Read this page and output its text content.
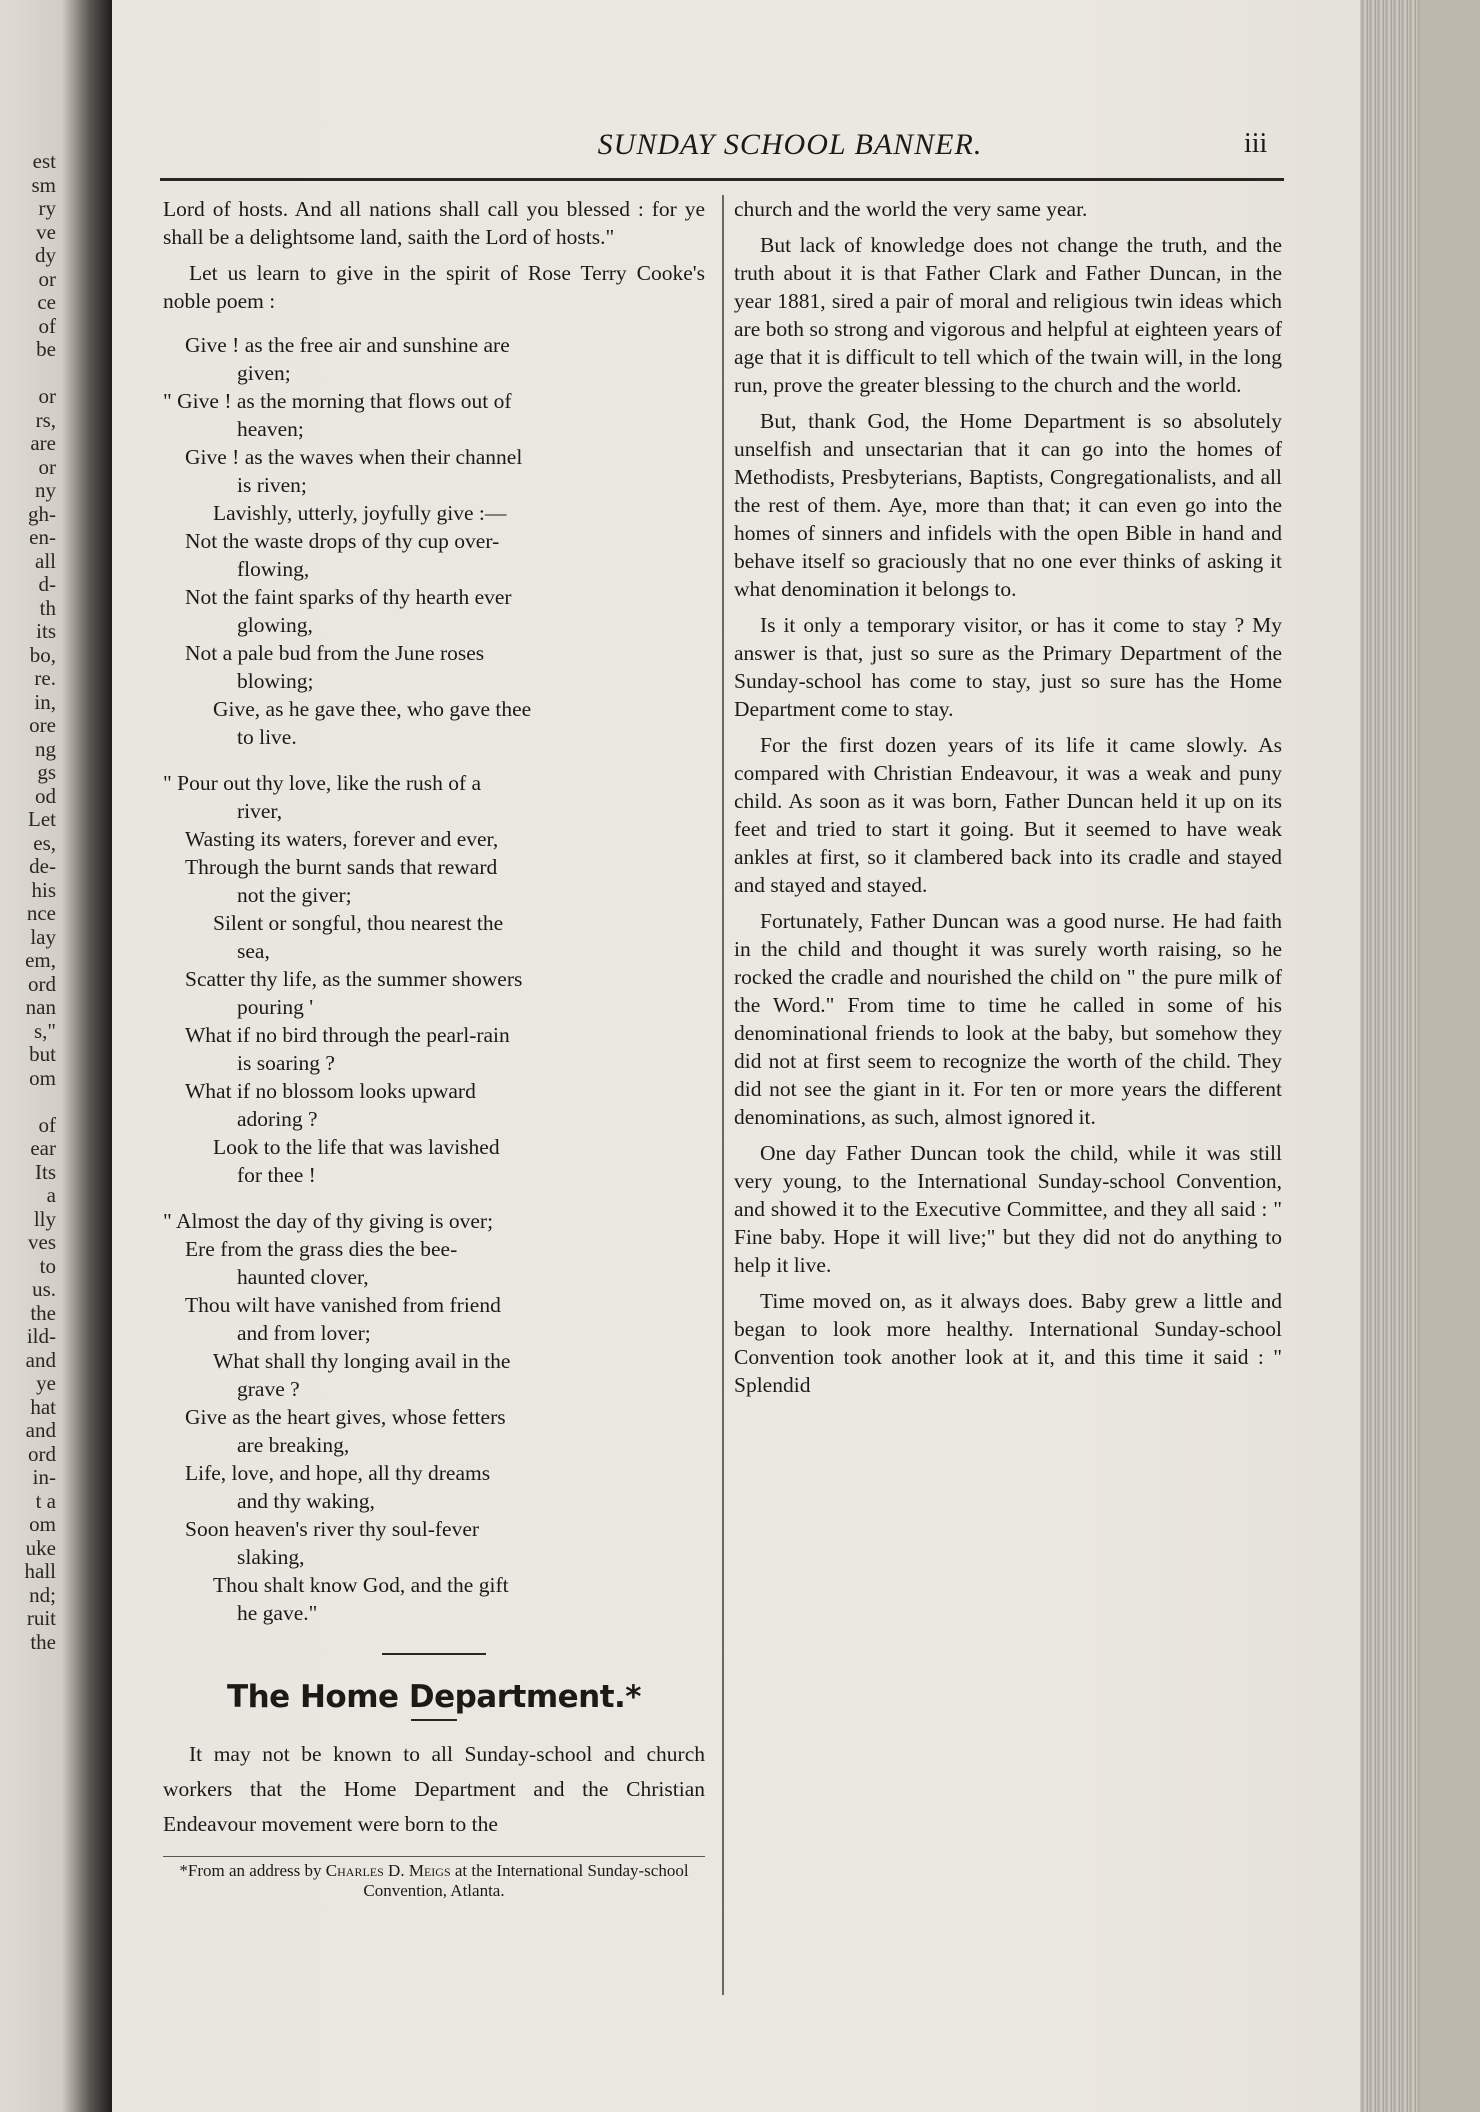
est
sm
ry
ve
dy
or
ce
of
be

or
rs,
are
or
ny
gh-
en-
all
d-
th
its
bo,
re.
in,
ore
ng
gs
od
Let
es,
de-
his
nce
lay
em,
ord
nan
s,"
but
om

of
ear
Its
a
lly
ves
to
us.
the
ild-
and
ye
hat
and
ord
in-
t a
om
uke
hall
nd;
ruit
the
SUNDAY SCHOOL BANNER.	iii

Lord of hosts. And all nations shall call you blessed : for ye shall be a delightsome land, saith the Lord of hosts."

Let us learn to give in the spirit of Rose Terry Cooke's noble poem :

Give ! as the free air and sunshine are
given;
" Give ! as the morning that flows out of
heaven;
Give ! as the waves when their channel
is riven;
Lavishly, utterly, joyfully give :—
Not the waste drops of thy cup over-
flowing,
Not the faint sparks of thy hearth ever
glowing,
Not a pale bud from the June roses
blowing;
Give, as he gave thee, who gave thee
to live.
" Pour out thy love, like the rush of a
river,
Wasting its waters, forever and ever,
Through the burnt sands that reward
not the giver;
Silent or songful, thou nearest the
sea,
Scatter thy life, as the summer showers
pouring '
What if no bird through the pearl-rain
is soaring ?
What if no blossom looks upward
adoring ?
Look to the life that was lavished
for thee !
" Almost the day of thy giving is over;
Ere from the grass dies the bee-
haunted clover,
Thou wilt have vanished from friend
and from lover;
What shall thy longing avail in the
grave ?
Give as the heart gives, whose fetters
are breaking,
Life, love, and hope, all thy dreams
and thy waking,
Soon heaven's river thy soul-fever
slaking,
Thou shalt know God, and the gift
he gave."
The Home Department.*

It may not be known to all Sunday-school and church workers that the Home Department and the Christian Endeavour movement were born to the

*From an address by Charles D. Meigs at the International Sunday-school Convention, Atlanta.

church and the world the very same year.

But lack of knowledge does not change the truth, and the truth about it is that Father Clark and Father Duncan, in the year 1881, sired a pair of moral and religious twin ideas which are both so strong and vigorous and helpful at eighteen years of age that it is difficult to tell which of the twain will, in the long run, prove the greater blessing to the church and the world.

But, thank God, the Home Department is so absolutely unselfish and unsectarian that it can go into the homes of Methodists, Presbyterians, Baptists, Congregationalists, and all the rest of them. Aye, more than that; it can even go into the homes of sinners and infidels with the open Bible in hand and behave itself so graciously that no one ever thinks of asking it what denomination it belongs to.

Is it only a temporary visitor, or has it come to stay ? My answer is that, just so sure as the Primary Department of the Sunday-school has come to stay, just so sure has the Home Department come to stay.

For the first dozen years of its life it came slowly. As compared with Christian Endeavour, it was a weak and puny child. As soon as it was born, Father Duncan held it up on its feet and tried to start it going. But it seemed to have weak ankles at first, so it clambered back into its cradle and stayed and stayed and stayed.

Fortunately, Father Duncan was a good nurse. He had faith in the child and thought it was surely worth raising, so he rocked the cradle and nourished the child on " the pure milk of the Word." From time to time he called in some of his denominational friends to look at the baby, but somehow they did not at first seem to recognize the worth of the child. They did not see the giant in it. For ten or more years the different denominations, as such, almost ignored it.

One day Father Duncan took the child, while it was still very young, to the International Sunday-school Convention, and showed it to the Executive Committee, and they all said : " Fine baby. Hope it will live;" but they did not do anything to help it live.

Time moved on, as it always does. Baby grew a little and began to look more healthy. International Sunday-school Convention took another look at it, and this time it said : " Splendid
